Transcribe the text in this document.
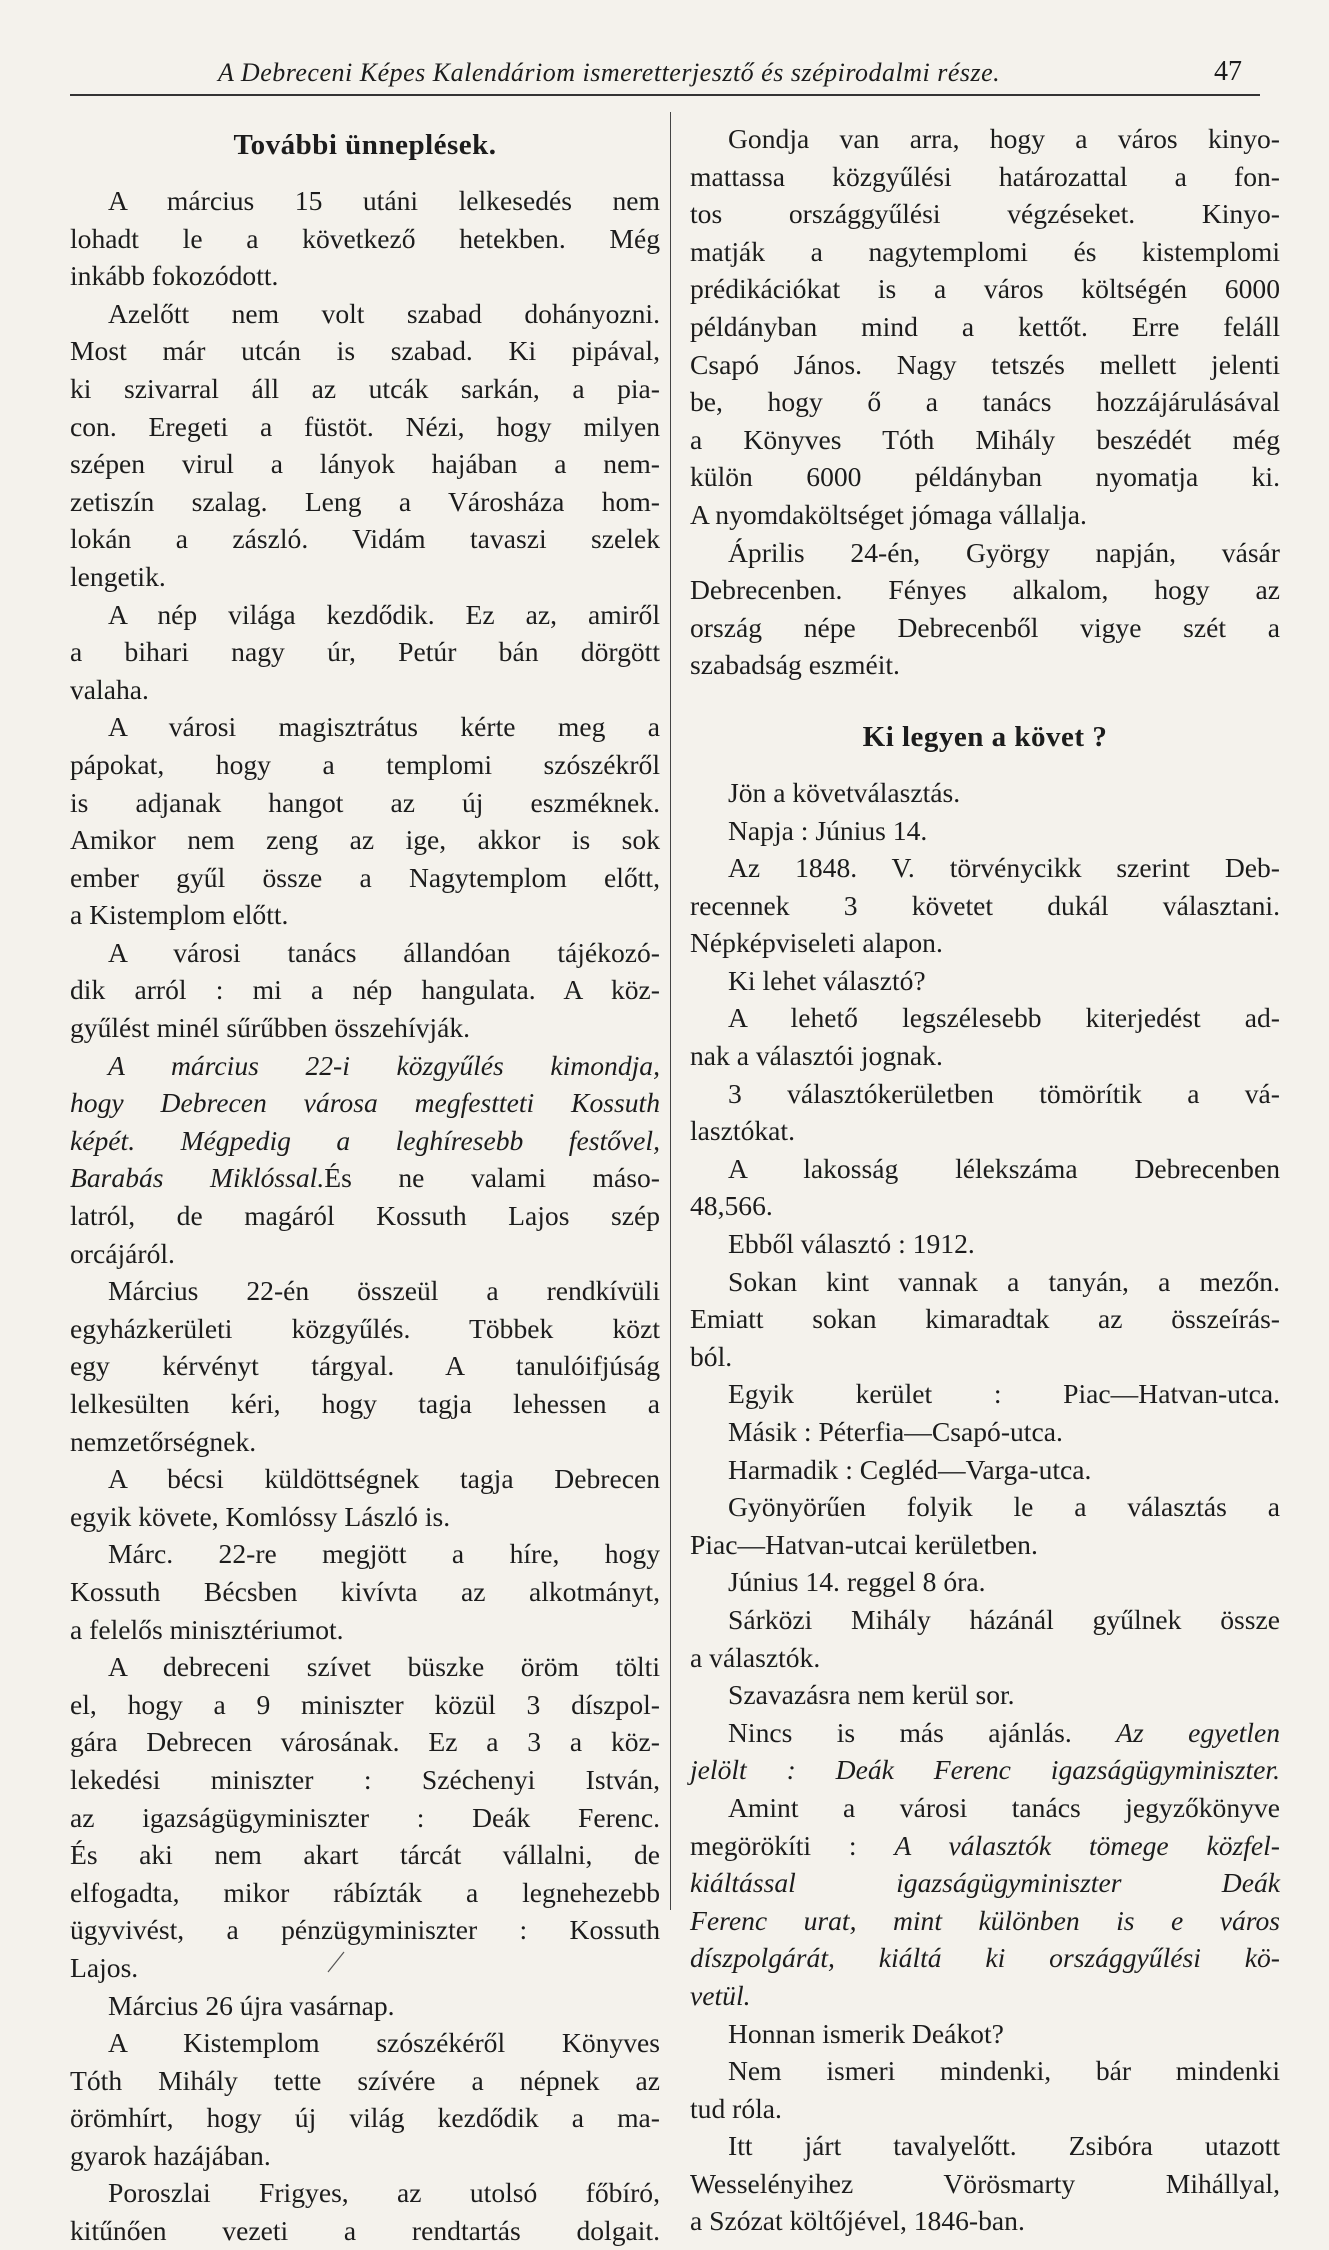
A Debreceni Képes Kalendáriom ismeretterjesztő és szépirodalmi része.	47
További ünneplések.
A március 15 utáni lelkesedés nem
lohadt le a következő hetekben. Még
inkább fokozódott.
Azelőtt nem volt szabad dohányozni.
Most már utcán is szabad. Ki pipával,
ki szivarral áll az utcák sarkán, a pia-
con. Eregeti a füstöt. Nézi, hogy milyen
szépen virul a lányok hajában a nem-
zetiszín szalag. Leng a Városháza hom-
lokán a zászló. Vidám tavaszi szelek
lengetik.
A nép világa kezdődik. Ez az, amiről
a bihari nagy úr, Petúr bán dörgött
valaha.
A városi magisztrátus kérte meg a
pápokat, hogy a templomi szószékről
is adjanak hangot az új eszméknek.
Amikor nem zeng az ige, akkor is sok
ember gyűl össze a Nagytemplom előtt,
a Kistemplom előtt.
A városi tanács állandóan tájékozó-
dik arról : mi a nép hangulata. A köz-
gyűlést minél sűrűbben összehívják.
A március 22-i közgyűlés kimondja,
hogy Debrecen városa megfestteti Kossuth
képét. Mégpedig a leghíresebb festővel,
Barabás Miklóssal.És ne valami máso-
latról, de magáról Kossuth Lajos szép
orcájáról.
Március 22-én összeül a rendkívüli
egyházkerületi közgyűlés. Többek közt
egy kérvényt tárgyal. A tanulóifjúság
lelkesülten kéri, hogy tagja lehessen a
nemzetőrségnek.
A bécsi küldöttségnek tagja Debrecen
egyik követe, Komlóssy László is.
Márc. 22-re megjött a híre, hogy
Kossuth Bécsben kivívta az alkotmányt,
a felelős minisztériumot.
A debreceni szívet büszke öröm tölti
el, hogy a 9 miniszter közül 3 díszpol-
gára Debrecen városának. Ez a 3 a köz-
lekedési miniszter : Széchenyi István,
az igazságügyminiszter : Deák Ferenc.
És aki nem akart tárcát vállalni, de
elfogadta, mikor rábízták a legnehezebb
ügyvivést, a pénzügyminiszter : Kossuth
Lajos.
Március 26 újra vasárnap.
A Kistemplom szószékéről Könyves
Tóth Mihály tette szívére a népnek az
örömhírt, hogy új világ kezdődik a ma-
gyarok hazájában.
Poroszlai Frigyes, az utolsó főbíró,
kitűnően vezeti a rendtartás dolgait.
Gondja van arra, hogy a város kinyo-
mattassa közgyűlési határozattal a fon-
tos országgyűlési végzéseket. Kinyo-
matják a nagytemplomi és kistemplomi
prédikációkat is a város költségén 6000
példányban mind a kettőt. Erre feláll
Csapó János. Nagy tetszés mellett jelenti
be, hogy ő a tanács hozzájárulásával
a Könyves Tóth Mihály beszédét még
külön 6000 példányban nyomatja ki.
A nyomdaköltséget jómaga vállalja.
Április 24-én, György napján, vásár
Debrecenben. Fényes alkalom, hogy az
ország népe Debrecenből vigye szét a
szabadság eszméit.
Ki legyen a követ ?
Jön a követválasztás.
Napja : Június 14.
Az 1848. V. törvénycikk szerint Deb-
recennek 3 követet dukál választani.
Népképviseleti alapon.
Ki lehet választó?
A lehető legszélesebb kiterjedést ad-
nak a választói jognak.
3 választókerületben tömörítik a vá-
lasztókat.
A lakosság lélekszáma Debrecenben
48,566.
Ebből választó : 1912.
Sokan kint vannak a tanyán, a mezőn.
Emiatt sokan kimaradtak az összeírás-
ból.
Egyik kerület : Piac—Hatvan-utca.
Másik : Péterfia—Csapó-utca.
Harmadik : Cegléd—Varga-utca.
Gyönyörűen folyik le a választás a
Piac—Hatvan-utcai kerületben.
Június 14. reggel 8 óra.
Sárközi Mihály házánál gyűlnek össze
a választók.
Szavazásra nem kerül sor.
Nincs is más ajánlás. Az egyetlen
jelölt : Deák Ferenc igazságügyminiszter.
Amint a városi tanács jegyzőkönyve
megörökíti : A választók tömege közfel-
kiáltással igazságügyminiszter Deák
Ferenc urat, mint különben is e város
díszpolgárát, kiáltá ki országgyűlési kö-
vetül.
Honnan ismerik Deákot?
Nem ismeri mindenki, bár mindenki
tud róla.
Itt járt tavalyelőtt. Zsibóra utazott
Wesselényihez Vörösmarty Mihállyal,
a Szózat költőjével, 1846-ban.
